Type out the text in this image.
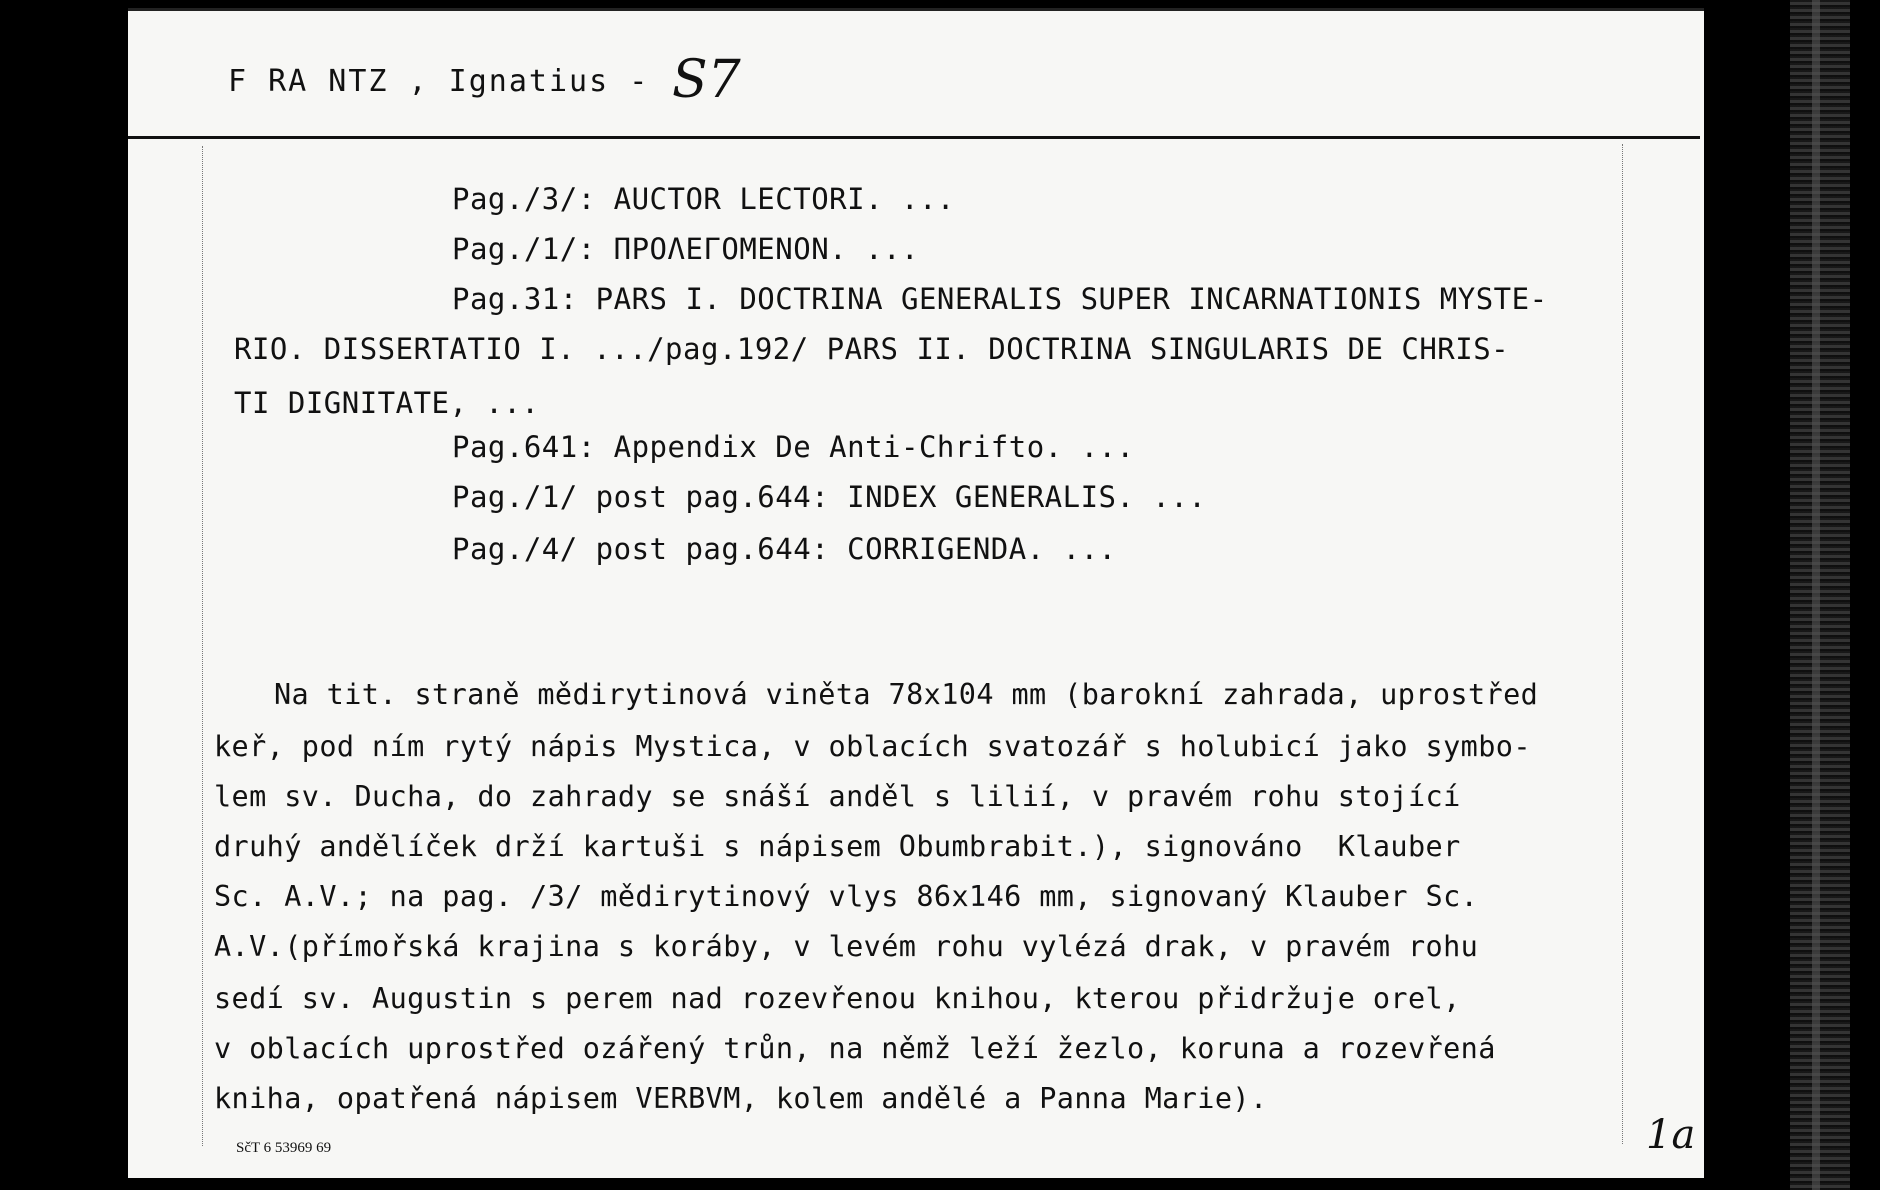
F RA NTZ , Ignatius - S7
Pag./3/: AUCTOR LECTORI. ...
Pag./1/: ΠΡΟΛΕΓΟΜΕΝΟΝ. ...
Pag.31: PARS I. DOCTRINA GENERALIS SUPER INCARNATIONIS MYSTE-
RIO. DISSERTATIO I. .../pag.192/ PARS II. DOCTRINA SINGULARIS DE CHRIS-
TI DIGNITATE, ...
Pag.641: Appendix De Anti-Chrifto. ...
Pag./1/ post pag.644: INDEX GENERALIS. ...
Pag./4/ post pag.644: CORRIGENDA. ...
Na tit. straně mědirytinová viněta 78x104 mm (barokní zahrada, uprostřed
keř, pod ním rytý nápis Mystica, v oblacích svatozář s holubicí jako symbo-
lem sv. Ducha, do zahrady se snáší anděl s lilií, v pravém rohu stojící
druhý andělíček drží kartuši s nápisem Obumbrabit.), signováno  Klauber
Sc. A.V.; na pag. /3/ mědirytinový vlys 86x146 mm, signovaný Klauber Sc.
A.V.(přímořská krajina s koráby, v levém rohu vylézá drak, v pravém rohu
sedí sv. Augustin s perem nad rozevřenou knihou, kterou přidržuje orel,
v oblacích uprostřed ozářený trůn, na němž leží žezlo, koruna a rozevřená
kniha, opatřená nápisem VERBVM, kolem andělé a Panna Marie).
SčT 6 53969 69	1a
